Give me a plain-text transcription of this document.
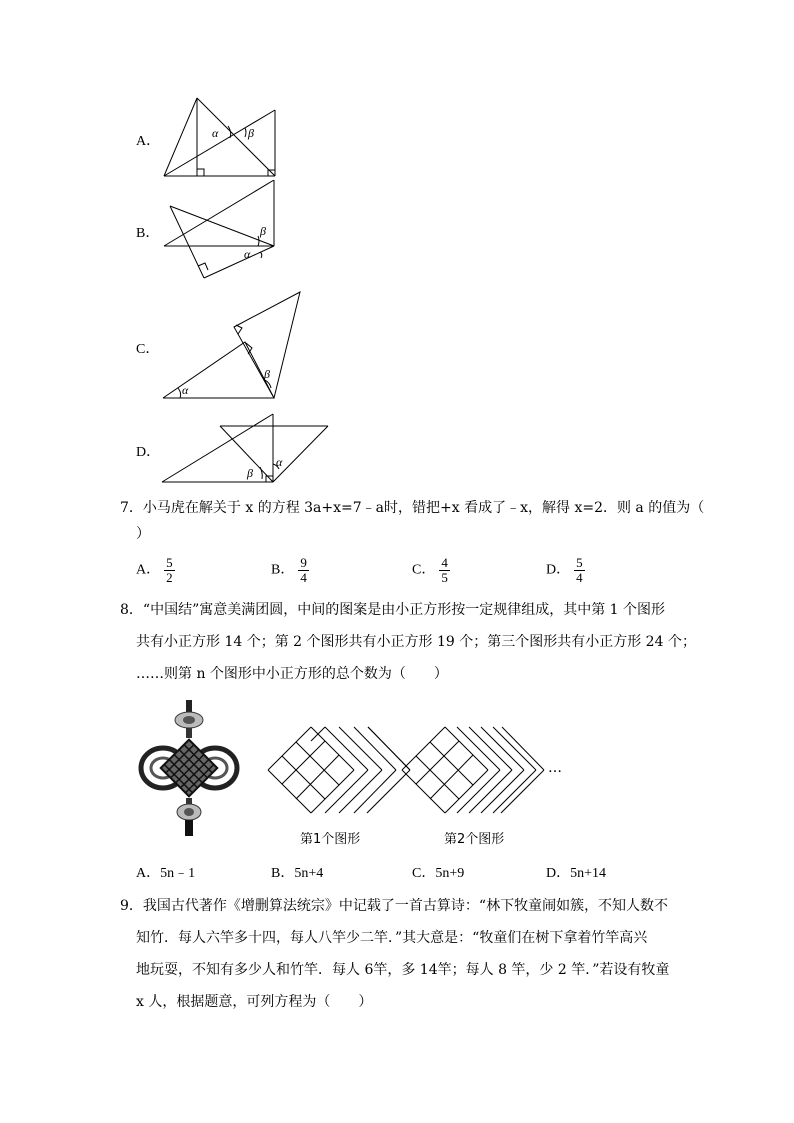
A．
α β
B．	β
α
C．
α
β
D．
β
α
7．小马虎在解关于 x 的方程 3a+x=7﹣a时，错把+x 看成了﹣x，解得 x=2．则 a 的值为（
）
A． $\frac{5}{2}$	B． $\frac{9}{4}$	C． $\frac{4}{5}$	D． $\frac{5}{4}$
8．“中国结”寓意美满团圆，中间的图案是由小正方形按一定规律组成，其中第 1 个图形
共有小正方形 14 个；第 2 个图形共有小正方形 19 个；第三个图形共有小正方形 24 个；
……则第 n 个图形中小正方形的总个数为（　　）
第1个图形	第2个图形
…
A．5n﹣1	B．5n+4	C．5n+9	D．5n+14
9．我国古代著作《增删算法统宗》中记载了一首古算诗：“林下牧童闹如簇，不知人数不
知竹．每人六竿多十四，每人八竿少二竿．”其大意是：“牧童们在树下拿着竹竿高兴
地玩耍，不知有多少人和竹竿．每人 6竿，多 14竿；每人 8 竿，少 2 竿．”若设有牧童
x 人，根据题意，可列方程为（　　）
